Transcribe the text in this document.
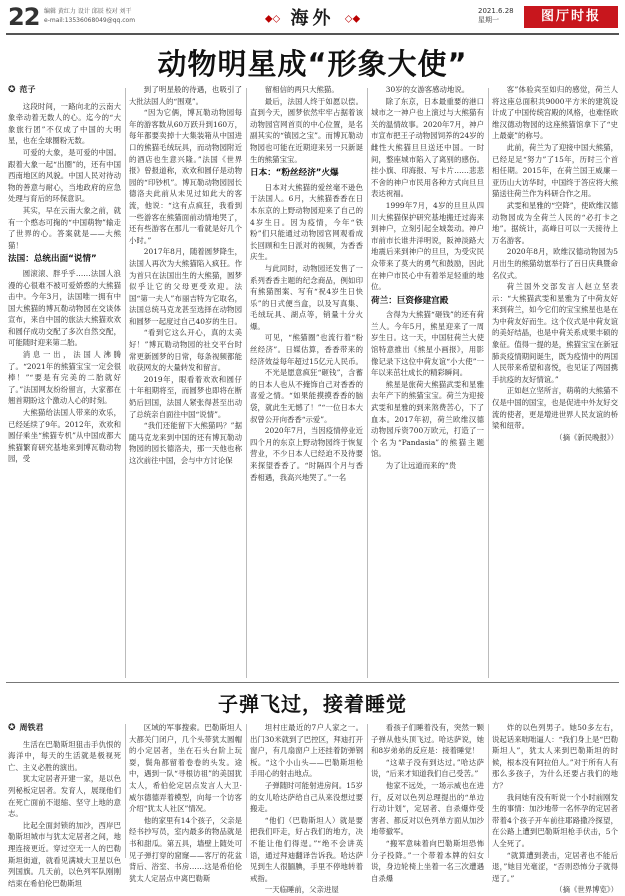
22 编辑 黄红力 设计 邱辰 校对 刘干
e-mail:13536068049@qq.com	◆◇ 海外 ◇◆
2021.6.28
星期一	图厅时报
动物明星成“形象大使”

✪ 范子

这段时间，一路向北的云南大象牵动着无数人的心。迄今的“大象旅行团”不仅成了中国的大明星，也在全球圈粉无数。

可爱的大象，是可爱的中国。跟着大象一起“出圈”的，还有中国西南地区的风貌。中国人民对待动物的善意与耐心，当地政府的应急处理与育后的环保意识。

其实，早在云南大象之前，就有一个憨态可掬的“中国萌物”输走了世界的心。答案就是——大熊猫！

法国：总统出面“说情”

圆滚滚、胖乎乎……法国人浪漫的心很难不被可爱娇憨的大熊猫击中。今年3月，法国唯一拥有中国大熊猫的博瓦勒动物园在交谈体宣布，来自中国的旅法大熊猫欢欢和圆仔成功交配了多次自然交配，可能随时迎来第二胎。

消息一出，法国人沸腾了。“2021年的熊猫宝宝一定会很棒！”“要是有完美的二胎就好了。”法国网友纷纷留言，大家都在翘首期盼这个激动人心的时刻。

大熊猫给法国人带来的欢乐，已经延续了9年。2012年，欢欢和圆仔乘坐“熊猫专机”从中国成都大熊猫繁育研究基地来到博瓦勒动物园，受

到了明星般的待遇，也吸引了大批法国人的“围观”。

“因为它俩，博瓦勒动物园每年的游客数从60万跃升到160万，每年都要卖掉十大集装箱从中国进口的熊猫毛绒玩具，而动物园附近的酒店也生意兴隆。”法国《世界报》曾报道称，欢欢和圆仔是动物园的“印钞机”。博瓦勒动物园园长德洛夫此前从未见过如此大的客流，他说：“这有点疯狂，我看到一些游客在熊猫面前动情地哭了，还有些游客在那儿一看就是好几个小时。”

2017年8月，随着圆梦降生，法国人再次为大熊猫陷入疯狂。作为首只在法国出生的大熊猫，圆梦似乎让它的父母更受欢迎。法国“第一夫人”布丽吉特为它取名，法国总统马克龙甚至选择在动物园和圆梦一起度过自己40岁的生日。

“看到它这么开心，真的太美好！”博瓦勒动物园的社交平台时常更新圆梦的日常，每条视频都能收获网友的大量转发和留言。

2019年，眼看着欢欢和圆仔十年租期将至，而圆梦也即将在断奶后回国，法国人紧张得甚至出动了总统亲自面往中国“说情”。

“我们还能留下大熊猫吗？”据随马克龙来到中国的还有博瓦勒动物园的园长德洛夫，那一天他也称这次前往中国，会与中方讨论保

留相信的两只大熊猫。

最后，法国人终于如愿以偿。直到今天，圆梦依然牢牢占据着该动物园官网首页的中心位置，是名副其实的“镇园之宝”。而博瓦勒动物园也可能在近期迎来另一只新诞生的熊猫宝宝。

日本：“粉丝经济”火爆

日本对大熊猫的爱丝毫不逊色于法国人。6月，大熊猫香香在日本东京的上野动物园迎来了自己的4岁生日。因为疫情，今年“铁粉”们只能通过动物园官网观看成长回顾和生日派对的视频，为香香庆生。

与此同时，动物园还发售了一系列香香主题的纪念商品，例如印有熊猫图案、写有“祝4岁生日快乐”的日式便当盒，以及写真集、毛绒玩具、湖点等，销量十分火爆。

可见，“熊猫圈”也流行着“粉丝经济”。日媒估算，香香带来的经济效益每年超过15亿元人民币。

不光是愿意疯狂“砸钱”，含蓄的日本人也从不掩饰自己对香香的喜爱之情。“如果能摸摸香香的脑袋，就此生无憾了！”“一位日本大叔曾公开向香香“示爱”。

2020年7月，当因疫情停业近四个月的东京上野动物园终于恢复营业，不少日本人已经迫不及待要来探望香香了。“时隔四个月与香香相遇，我高兴地哭了。”一名

30岁的女游客感动地说。

除了东京，日本最重要的港口城市之一神户也上演过与大熊猫有关的温情故事。2020年7月，神户市宣布把王子动物园饲养的24岁的雌性大熊猫旦旦送还中国。一时间，整座城市陷入了离别的感伤。挂小旗、印海报、写卡片……悲悲不舍的神户市民用各种方式向旦旦表达祝福。

1999年7月，4岁的旦旦从四川大熊猫保护研究基地搬迁过海来到神户，立刻引起全城轰动。神户市前市长谁井洋明说，阪神淡路大地震后来到神户的旦旦，为受灾民众带来了莫大的勇气和鼓励，因此在神户市民心中有着举足轻重的地位。

荷兰：巨资修建宫殿

含得为大熊猫“砸钱”的还有荷兰人。今年5月，熊星迎来了一周岁生日。这一天，中国驻荷兰大使馆特意推出《熊星小画报》，用影像记录下这位中荷友谊“小大使”一年以来茁壮成长的精彩瞬间。

熊星是旅荷大熊猫武雯和星雅去年产下的熊猫宝宝。荷兰为迎接武雯和星雅的到来煞费苦心，下了血本。2017年初，荷兰欧维汉德动物园斥资700万欧元，打造了一个名为“Pandasia”的熊猫主题馆。

为了让远道而来的“贵

客”体验宾至如归的感觉，荷兰人将这座总面积共9000平方米的建筑设计成了中国传统宫殿的风格，也难怪欧维汉德动物园的这座熊猫馆拿下了“史上最豪”的称号。

此前，荷兰为了迎接中国大熊猫，已经足足“努力”了15年，历时三个首相任期。2015年，在荷兰国王威廉－亚历山大访华时，中国终于答应将大熊猫送往荷兰作为科研合作之用。

武雯和星雅的“空降”，使欧维汉德动物园成为全荷兰人民的“必打卡之地”。据统计，高峰日可以一天接待上万名游客。

2020年8月，欧维汉德动物园为5月出生的熊猫幼崽举行了百日庆典暨命名仪式。

荷兰国外交部发言人赵立坚表示：“大熊猫武雯和星雅为了中荷友好来到荷兰，如今它们的宝宝熊星也是在为中荷友好而生。这个仪式是中荷友谊的美好结晶，也是中荷关系成果丰硕的象征。值得一提的是，熊猫宝宝在新冠肺炎疫情期间诞生，既为疫情中的两国人民带来希望和喜悦，也见证了两国携手抗疫的友好情谊。”

正如赵立坚所言，萌萌的大熊猫不仅是中国的国宝，也是促进中外友好交流的使者，更是增进世界人民友谊的桥梁和纽带。

（摘《新民晚报》）

子弹飞过，接着睡觉

✪ 周铁君

生活在巴勒斯坦狙击手仇恨的海洋中，每天的生活就是极视死亡、主义必胜的演出。

犹太定居者开建一家，是以色列秘板定居者。发育人，展现他们在死亡面前不退缩、坚守上地的意志。

比起全面封锁的加沙，西岸巴勒斯坦城市与犹太定居者之间，地理连接更近。穿过空无一人的巴勒斯坦街道，就看见满城大卫星以色列国旗。几天前，以色列军队刚刚结束在希伯伦巴勒斯坦

区域的军事搜索。巴勒斯坦人大都关门闭户，几个头带犹太圆帽的小定居者，坐在石头台阶上玩耍，鬓角都留着卷卷的头发。途中，遇到一队“寻根访祖”的美国犹太人，希伯伦定居点发言人大卫·威尔德德弄着模型，向每一个访客介绍“犹太人社区”情况。

他的家里有14个孩子，父亲是经书抄写员，室内最多的物品就是书和甜瓜。第五具，墙壁上随处可见子弹打穿的窟窿——客厅的花盆背后、浴室、书房……这是希伯伦犹太人定居点中离巴勒斯

坦村庄最近的7户人家之一。出门30米就到了巴控区，拜迪打开窗户，有几扇窗户上还挂着防弹钢板。“这个小山头——巴勒斯坦枪手用心的射击地点。

子弹随时可能射进房间。15岁的女儿哈达萨给自己从来没想过要搬走。

“他们（巴勒斯坦人）就是要把我们吓走，好占我们的地方，决不能让他们得逞。”“绝不会讲英语，通过拜迪翻译告诉我。哈达萨见到生人很腼腆，手里不停地转着戒指。

一天临睡前，父亲进屋

看孩子们睡着没有，突然一颗子弹从他头顶飞过。哈达萨说，她和8岁弟弟的反应是：接着睡觉！

“这辈子没有到达过。”哈达萨说，“后来才知道我们自己受苦。”

他家不远处，一场示威也在进行，反对以色列总理提出的“单边行动计划”，定居者、自杀爆炸受害者、都反对以色列单方面从加沙地带撤军。

“搬军意味着向巴勒斯坦恐怖分子投降。”一个带着本牌的妇女说，身边轮椅上坐着一名三次遭遇自杀爆

炸的以色列男子。她50多左右，说起话来咄咄逼人：“我们身上是“巴勒斯坦人”，犹太人来到巴勒斯坦的时候，根本没有阿拉伯人。”对于所有人有那么多孩子，为什么还要占我们的地方？

我问她有没有听说一个小时前刚发生的事情：加沙地带一名怀孕的定居者带着4个孩子开车前往耶路撒冷探望，在公路上遭到巴勒斯坦枪手伏击，5个人全死了。

“就算遭到袭击，定居者也不能后退，”她目光毫涩，“否则恐怖分子就得逞了。”

（摘《世界博览》）
